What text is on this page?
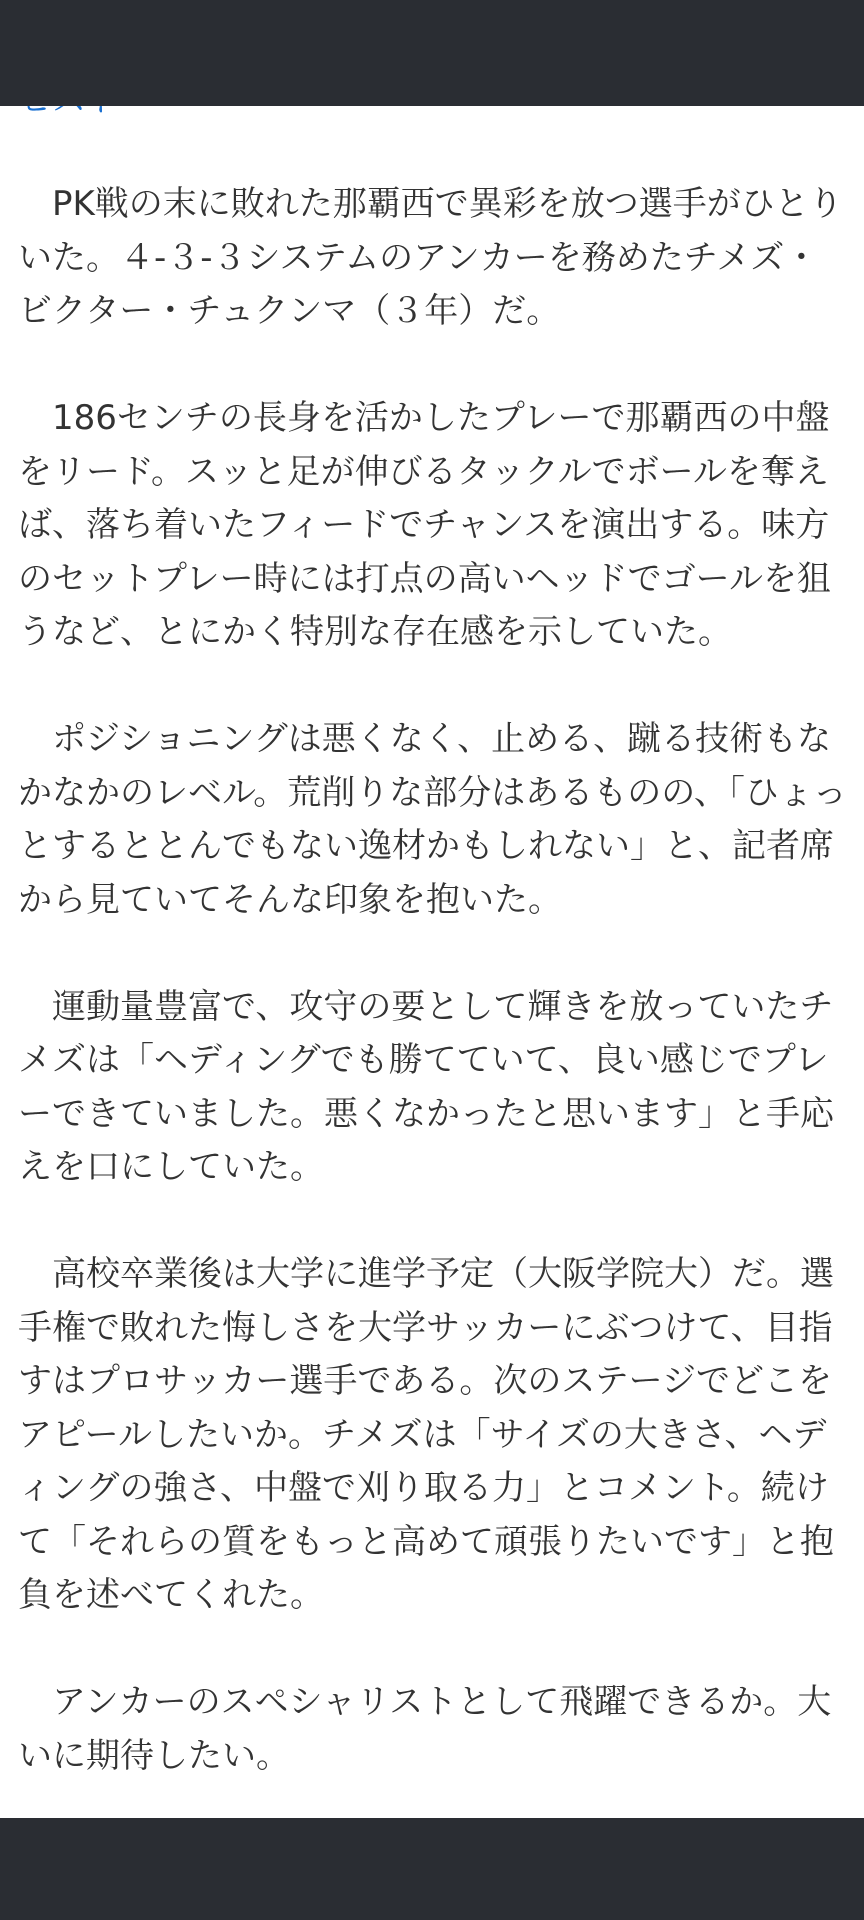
PK戦の末に敗れた那覇西で異彩を放つ選手がひとりいた。４-３-３システムのアンカーを務めたチメズ・ビクター・チュクンマ（３年）だ。

186センチの長身を活かしたプレーで那覇西の中盤をリード。スッと足が伸びるタックルでボールを奪えば、落ち着いたフィードでチャンスを演出する。味方のセットプレー時には打点の高いヘッドでゴールを狙うなど、とにかく特別な存在感を示していた。

ポジショニングは悪くなく、止める、蹴る技術もなかなかのレベル。荒削りな部分はあるものの、「ひょっとするととんでもない逸材かもしれない」と、記者席から見ていてそんな印象を抱いた。

運動量豊富で、攻守の要として輝きを放っていたチメズは「ヘディングでも勝てていて、良い感じでプレーできていました。悪くなかったと思います」と手応えを口にしていた。

高校卒業後は大学に進学予定（大阪学院大）だ。選手権で敗れた悔しさを大学サッカーにぶつけて、目指すはプロサッカー選手である。次のステージでどこをアピールしたいか。チメズは「サイズの大きさ、ヘディングの強さ、中盤で刈り取る力」とコメント。続けて「それらの質をもっと高めて頑張りたいです」と抱負を述べてくれた。

アンカーのスペシャリストとして飛躍できるか。大いに期待したい。
